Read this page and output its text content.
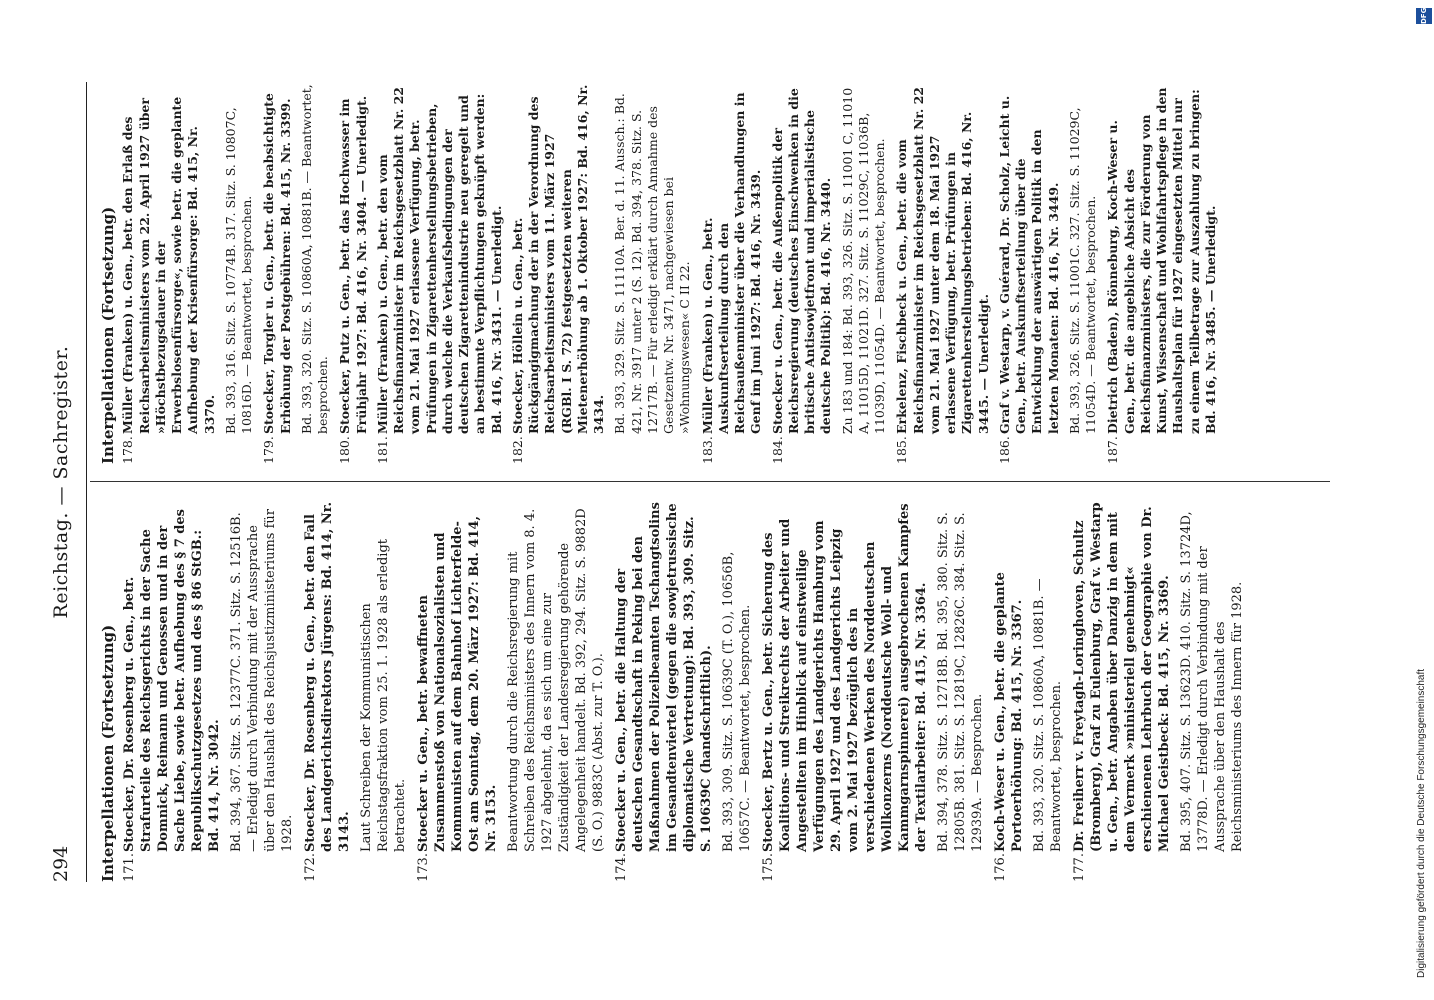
294
Reichstag. — Sachregister.
Interpellationen (Fortsetzung) 171.
Stoecker, Dr. Rosenberg u. Gen., betr. Strafurteile des Reichsgerichts in der Sache Domnick, Reimann und Genossen und in der Sache Liebe, sowie betr. Aufhebung des § 7 des Republikschutzgesetzes und des § 86 StGB.: Bd. 414, Nr. 3042. Bd. 394, 367. Sitz. S. 12377C. 371. Sitz. S. 12516B. — Erledigt durch Verbindung mit der Aussprache über den Haushalt des Reichsjustizministeriums für 1928.
172.
Stoecker, Dr. Rosenberg u. Gen., betr. den Fall des Landgerichtsdirektors Jürgens: Bd. 414, Nr. 3143. Laut Schreiben der Kommunistischen Reichstagsfraktion vom 25. 1. 1928 als erledigt betrachtet.
173.
Stoecker u. Gen., betr. bewaffneten Zusammenstoß von Nationalsozialisten und Kommunisten auf dem Bahnhof Lichterfelde-Ost am Sonntag, dem 20. März 1927: Bd. 414, Nr. 3153. Beantwortung durch die Reichsregierung mit Schreiben des Reichsministers des Innern vom 8. 4. 1927 abgelehnt, da es sich um eine zur Zuständigkeit der Landesregierung gehörende Angelegenheit handelt. Bd. 392, 294. Sitz. S. 9882D (S. O.) 9883C (Abst. zur T. O.).
174.
Stoecker u. Gen., betr. die Haltung der deutschen Gesandtschaft in Peking bei den Maßnahmen der Polizeibeamten Tschangtsolins im Gesandtenviertel (gegen die sowjetrussische diplomatische Vertretung): Bd. 393, 309. Sitz. S. 10639C (handschriftlich). Bd. 393, 309. Sitz. S. 10639C (T. O.), 10656B, 10657C. — Beantwortet, besprochen.
175.
Stoecker, Bertz u. Gen., betr. Sicherung des Koalitions- und Streikrechts der Arbeiter und Angestellten im Hinblick auf einstweilige Verfügungen des Landgerichts Hamburg vom 29. April 1927 und des Landgerichts Leipzig vom 2. Mai 1927 bezüglich des in verschiedenen Werken des Norddeutschen Wollkonzerns (Norddeutsche Woll- und Kammgarnspinnerei) ausgebrochenen Kampfes der Textilarbeiter: Bd. 415, Nr. 3364. Bd. 394, 378. Sitz. S. 12718B. Bd. 395, 380. Sitz. S. 12805B. 381. Sitz. S. 12819C, 12826C. 384. Sitz. S. 12939A. — Besprochen.
176.
Koch-Weser u. Gen., betr. die geplante Portoerhöhung: Bd. 415, Nr. 3367. Bd. 393, 320. Sitz. S. 10860A, 10881B. — Beantwortet, besprochen.
177.
Dr. Freiherr v. Freytagh-Loringhoven, Schultz (Bromberg), Graf zu Eulenburg, Graf v. Westarp u. Gen., betr. Angaben über Danzig in dem mit dem Vermerk »ministeriell genehmigt« erschienenen Lehrbuch der Geographie von Dr. Michael Geistbeck: Bd. 415, Nr. 3369. Bd. 395, 407. Sitz. S. 13623D. 410. Sitz. S. 13724D, 13778D. — Erledigt durch Verbindung mit der Aussprache über den Haushalt des Reichsministeriums des Innern für 1928.
Interpellationen (Fortsetzung) 178.
Müller (Franken) u. Gen., betr. den Erlaß des Reichsarbeitsministers vom 22. April 1927 über »Höchstbezugsdauer in der Erwerbslosenfürsorge«, sowie betr. die geplante Aufhebung der Krisenfürsorge: Bd. 415, Nr. 3370. Bd. 393, 316. Sitz. S. 10774B. 317. Sitz. S. 10807C, 10816D. — Beantwortet, besprochen.
179.
Stoecker, Torgler u. Gen., betr. die beabsichtigte Erhöhung der Postgebühren: Bd. 415, Nr. 3399. Bd. 393, 320. Sitz. S. 10860A, 10881B. — Beantwortet, besprochen.
180.
Stoecker, Putz u. Gen., betr. das Hochwasser im Frühjahr 1927: Bd. 416, Nr. 3404. — Unerledigt.
181.
Müller (Franken) u. Gen., betr. den vom Reichsfinanzminister im Reichsgesetzblatt Nr. 22 vom 21. Mai 1927 erlassene Verfügung, betr. Prüfungen in Zigarettenherstellungsbetrieben, durch welche die Verkaufsbedingungen der deutschen Zigarettenindustrie neu geregelt und an bestimmte Verpflichtungen geknüpft werden: Bd. 416, Nr. 3431. — Unerledigt.
182.
Stoecker, Höllein u. Gen., betr. Rückgängigmachung der in der Verordnung des Reichsarbeitsministers vom 11. März 1927 (RGBl. I S. 72) festgesetzten weiteren Mietenerhöhung ab 1. Oktober 1927: Bd. 416, Nr. 3434. Bd. 393, 329. Sitz. S. 11110A. Ber. d. 11. Aussch.: Bd. 421, Nr. 3917 unter 2 (S. 12). Bd. 394, 378. Sitz. S. 12717B. — Für erledigt erklärt durch Annahme des Gesetzentw. Nr. 3471, nachgewiesen bei »Wohnungswesen« C II 22.
183.
Müller (Franken) u. Gen., betr. Auskunftserteilung durch den Reichsaußenminister über die Verhandlungen in Genf im Juni 1927: Bd. 416, Nr. 3439.
184.
Stoecker u. Gen., betr. die Außenpolitik der Reichsregierung (deutsches Einschwenken in die britische Antisowjetfront und imperialistische deutsche Politik): Bd. 416, Nr. 3440. Zu 183 und 184: Bd. 393, 326. Sitz. S. 11001 C, 11010 A, 11015D, 11021D. 327. Sitz. S. 11029C, 11036B, 11039D, 11054D. — Beantwortet, besprochen.
185.
Erkelenz, Fischbeck u. Gen., betr. die vom Reichsfinanzminister im Reichsgesetzblatt Nr. 22 vom 21. Mai 1927 unter dem 18. Mai 1927 erlassene Verfügung, betr. Prüfungen in Zigarettenherstellungsbetrieben: Bd. 416, Nr. 3445. — Unerledigt.
186.
Graf v. Westarp, v. Guérard, Dr. Scholz, Leicht u. Gen., betr. Auskunftserteilung über die Entwicklung der auswärtigen Politik in den letzten Monaten: Bd. 416, Nr. 3449. Bd. 393, 326. Sitz. S. 11001C. 327. Sitz. S. 11029C, 11054D. — Beantwortet, besprochen.
187.
Dietrich (Baden), Rönneburg, Koch-Weser u. Gen., betr. die angebliche Absicht des Reichsfinanzministers, die zur Förderung von Kunst, Wissenschaft und Wohlfahrtspflege in den Haushaltsplan für 1927 eingesetzten Mittel nur zu einem Teilbetrage zur Auszahlung zu bringen: Bd. 416, Nr. 3485. — Unerledigt.
DFG
Digitalisierung gefördert durch die Deutsche Forschungsgemeinschaft
